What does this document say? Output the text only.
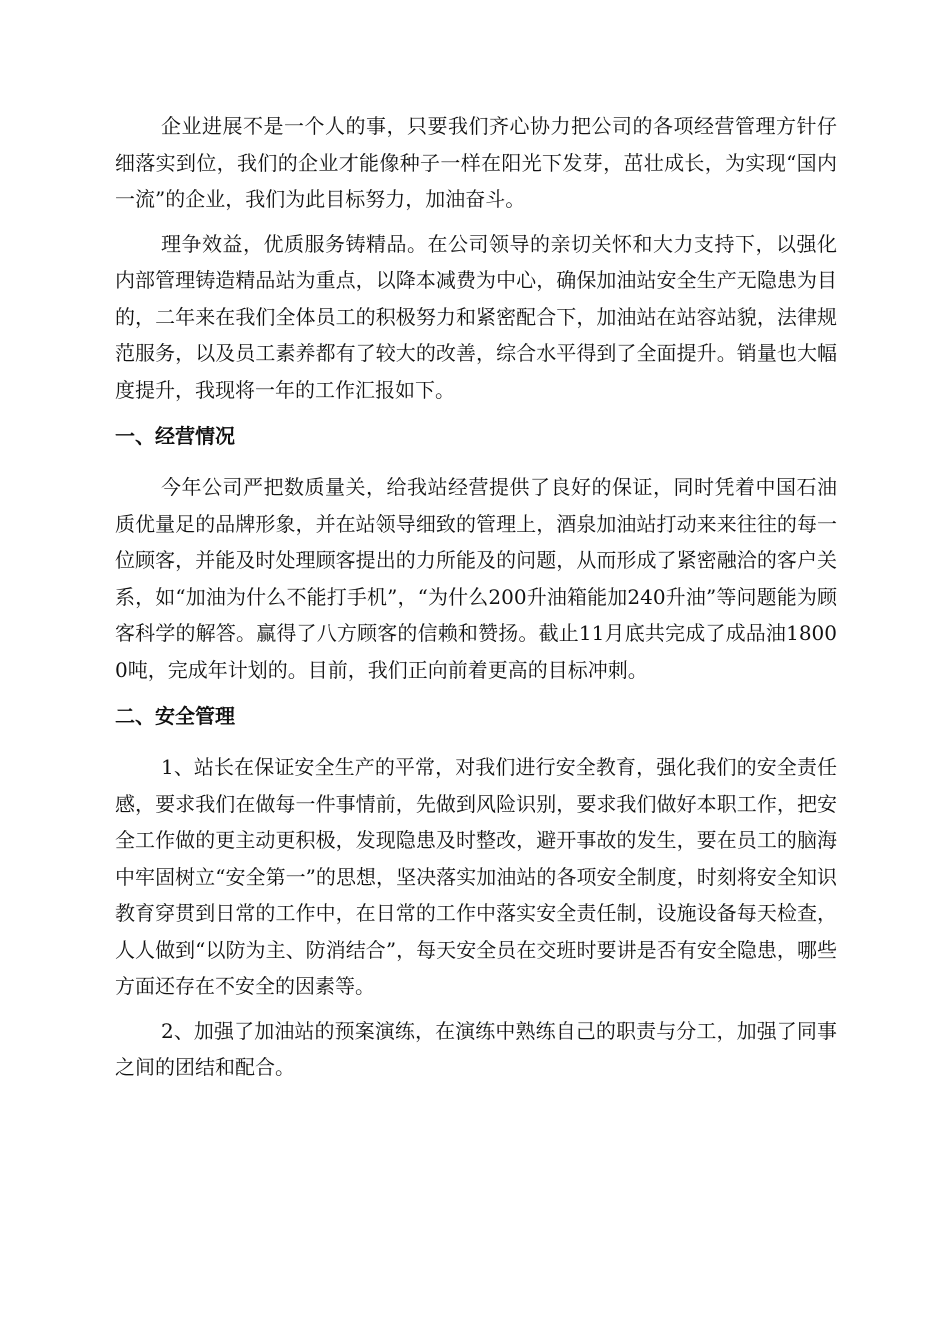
企业进展不是一个人的事，只要我们齐心协力把公司的各项经营管理方针仔细落实到位，我们的企业才能像种子一样在阳光下发芽，茁壮成长，为实现“国内一流”的企业，我们为此目标努力，加油奋斗。

理争效益，优质服务铸精品。在公司领导的亲切关怀和大力支持下，以强化内部管理铸造精品站为重点，以降本减费为中心，确保加油站安全生产无隐患为目的，二年来在我们全体员工的积极努力和紧密配合下，加油站在站容站貌，法律规范服务，以及员工素养都有了较大的改善，综合水平得到了全面提升。销量也大幅度提升，我现将一年的工作汇报如下。

一、经营情况

今年公司严把数质量关，给我站经营提供了良好的保证，同时凭着中国石油质优量足的品牌形象，并在站领导细致的管理上，酒泉加油站打动来来往往的每一位顾客，并能及时处理顾客提出的力所能及的问题，从而形成了紧密融洽的客户关系，如“加油为什么不能打手机”，“为什么200升油箱能加240升油”等问题能为顾客科学的解答。赢得了八方顾客的信赖和赞扬。截止11月底共完成了成品油18000吨，完成年计划的。目前，我们正向前着更高的目标冲刺。

二、安全管理

1、站长在保证安全生产的平常，对我们进行安全教育，强化我们的安全责任感，要求我们在做每一件事情前，先做到风险识别，要求我们做好本职工作，把安全工作做的更主动更积极，发现隐患及时整改，避开事故的发生，要在员工的脑海中牢固树立“安全第一”的思想，坚决落实加油站的各项安全制度，时刻将安全知识教育穿贯到日常的工作中，在日常的工作中落实安全责任制，设施设备每天检查，人人做到“以防为主、防消结合”，每天安全员在交班时要讲是否有安全隐患，哪些方面还存在不安全的因素等。

2、加强了加油站的预案演练，在演练中熟练自己的职责与分工，加强了同事之间的团结和配合。
